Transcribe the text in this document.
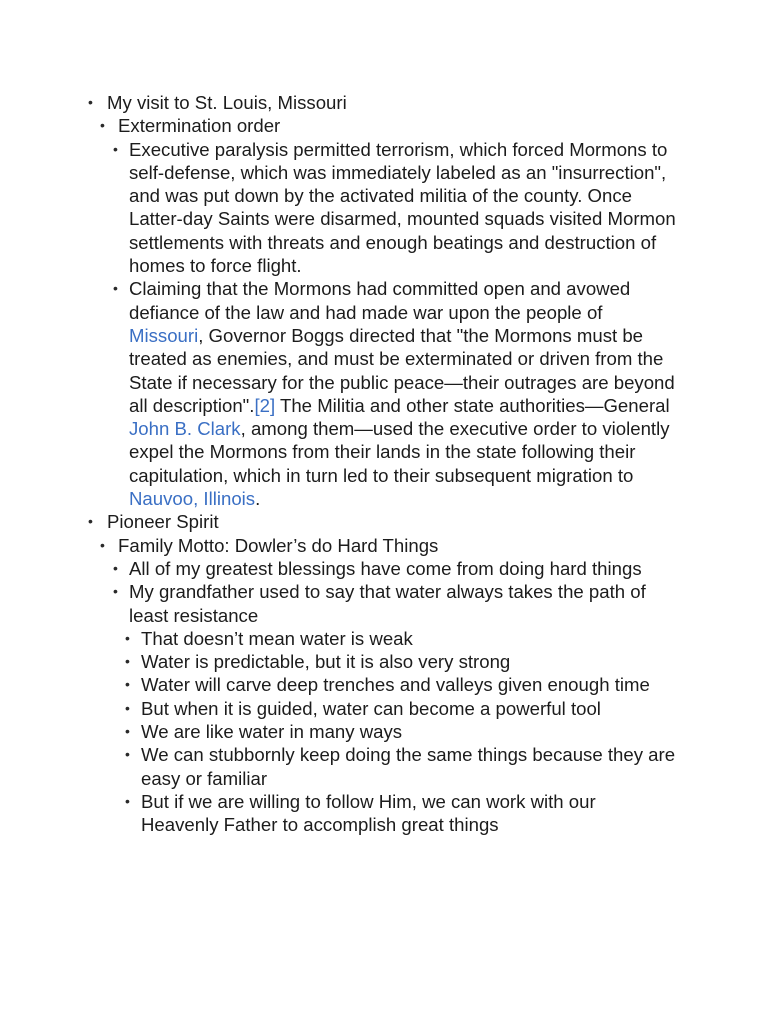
• My visit to St. Louis, Missouri
• Extermination order
• Executive paralysis permitted terrorism, which forced Mormons to self-defense, which was immediately labeled as an "insurrection", and was put down by the activated militia of the county. Once Latter-day Saints were disarmed, mounted squads visited Mormon settlements with threats and enough beatings and destruction of homes to force flight.
• Claiming that the Mormons had committed open and avowed defiance of the law and had made war upon the people of Missouri, Governor Boggs directed that "the Mormons must be treated as enemies, and must be exterminated or driven from the State if necessary for the public peace—their outrages are beyond all description".[2] The Militia and other state authorities—General John B. Clark, among them—used the executive order to violently expel the Mormons from their lands in the state following their capitulation, which in turn led to their subsequent migration to Nauvoo, Illinois.
• Pioneer Spirit
• Family Motto: Dowler’s do Hard Things
• All of my greatest blessings have come from doing hard things
• My grandfather used to say that water always takes the path of least resistance
• That doesn’t mean water is weak
• Water is predictable, but it is also very strong
• Water will carve deep trenches and valleys given enough time
• But when it is guided, water can become a powerful tool
• We are like water in many ways
• We can stubbornly keep doing the same things because they are easy or familiar
• But if we are willing to follow Him, we can work with our Heavenly Father to accomplish great things
